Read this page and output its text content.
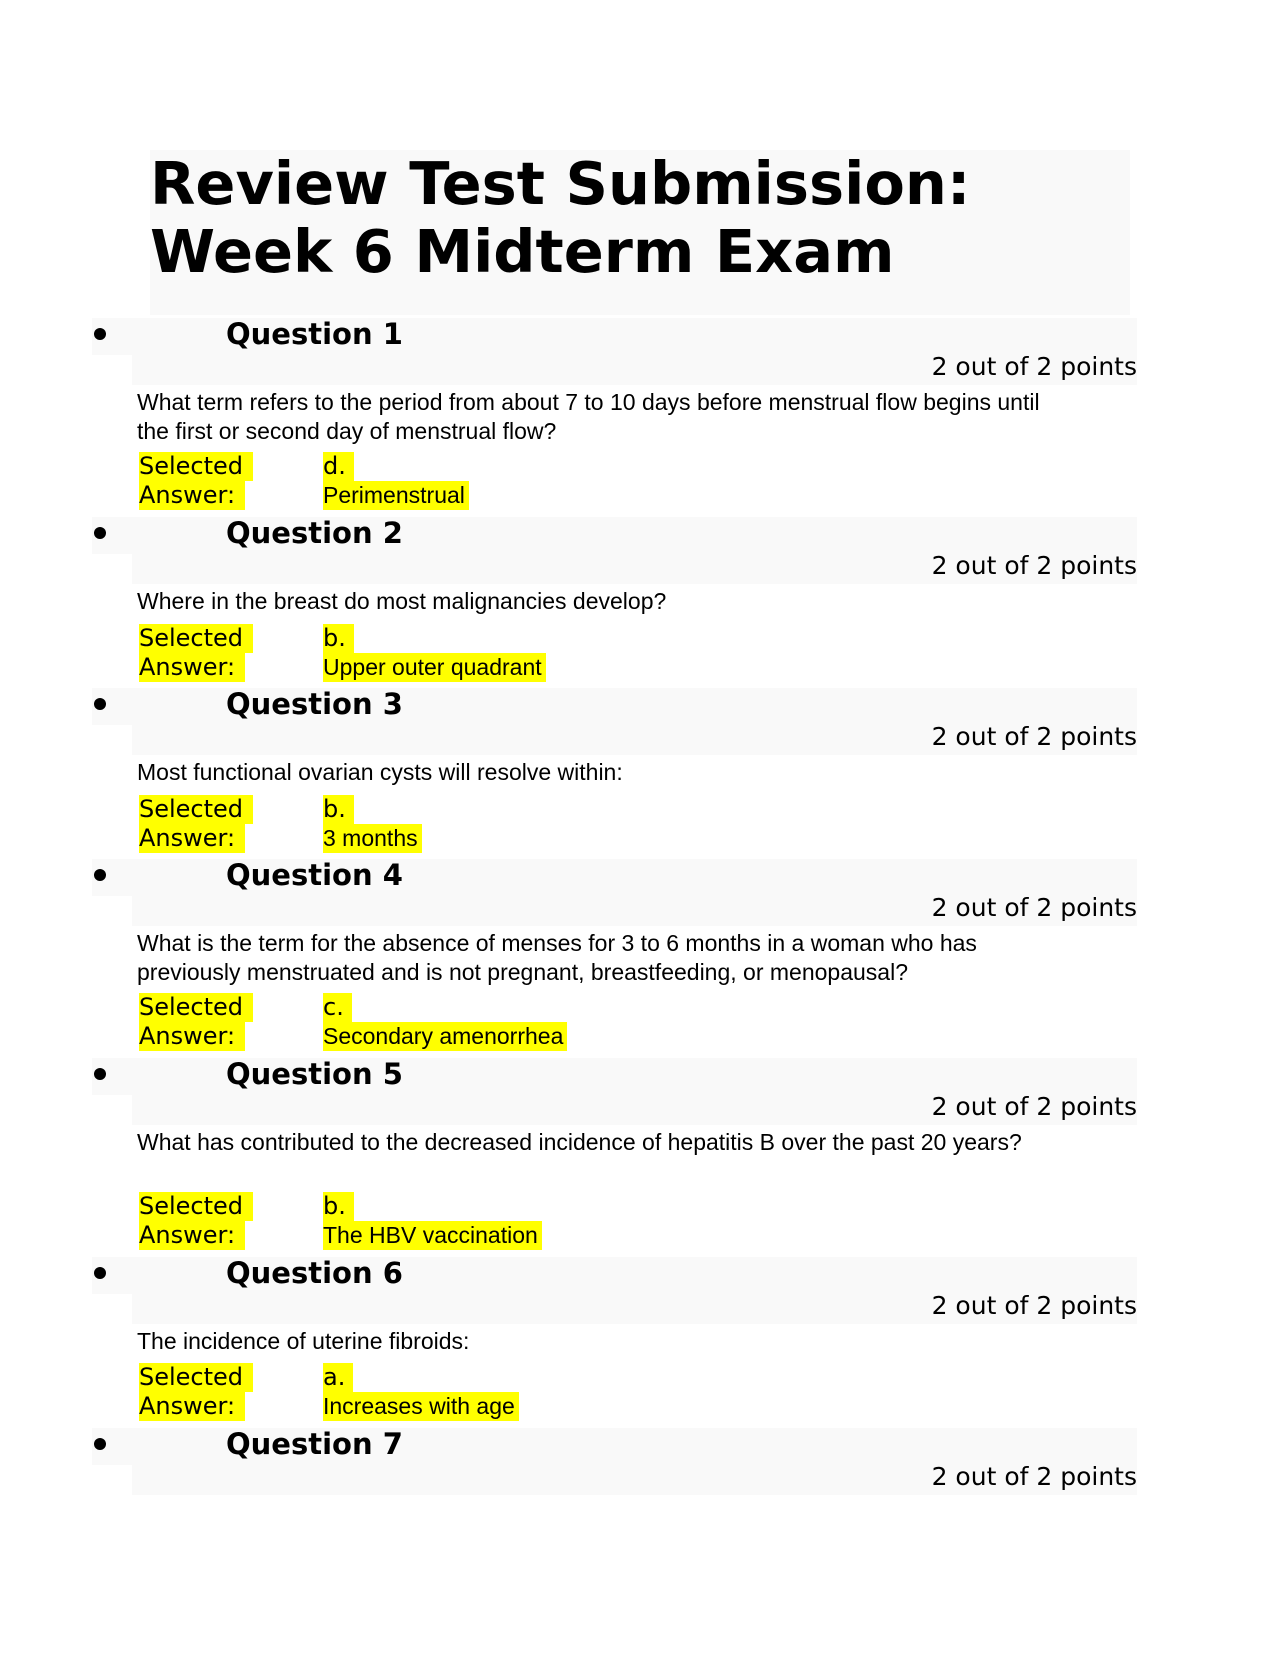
Review Test Submission:
Week 6 Midterm Exam
Question 1
2 out of 2 points
What term refers to the period from about 7 to 10 days before menstrual flow begins until the first or second day of menstrual flow?
Selected
Answer:
d.
Perimenstrual
Question 2
2 out of 2 points
Where in the breast do most malignancies develop?
Selected
Answer:
b.
Upper outer quadrant
Question 3
2 out of 2 points
Most functional ovarian cysts will resolve within:
Selected
Answer:
b.
3 months
Question 4
2 out of 2 points
What is the term for the absence of menses for 3 to 6 months in a woman who has previously menstruated and is not pregnant, breastfeeding, or menopausal?
Selected
Answer:
c.
Secondary amenorrhea
Question 5
2 out of 2 points
What has contributed to the decreased incidence of hepatitis B over the past 20 years?
Selected
Answer:
b.
The HBV vaccination
Question 6
2 out of 2 points
The incidence of uterine fibroids:
Selected
Answer:
a.
Increases with age
Question 7
2 out of 2 points
